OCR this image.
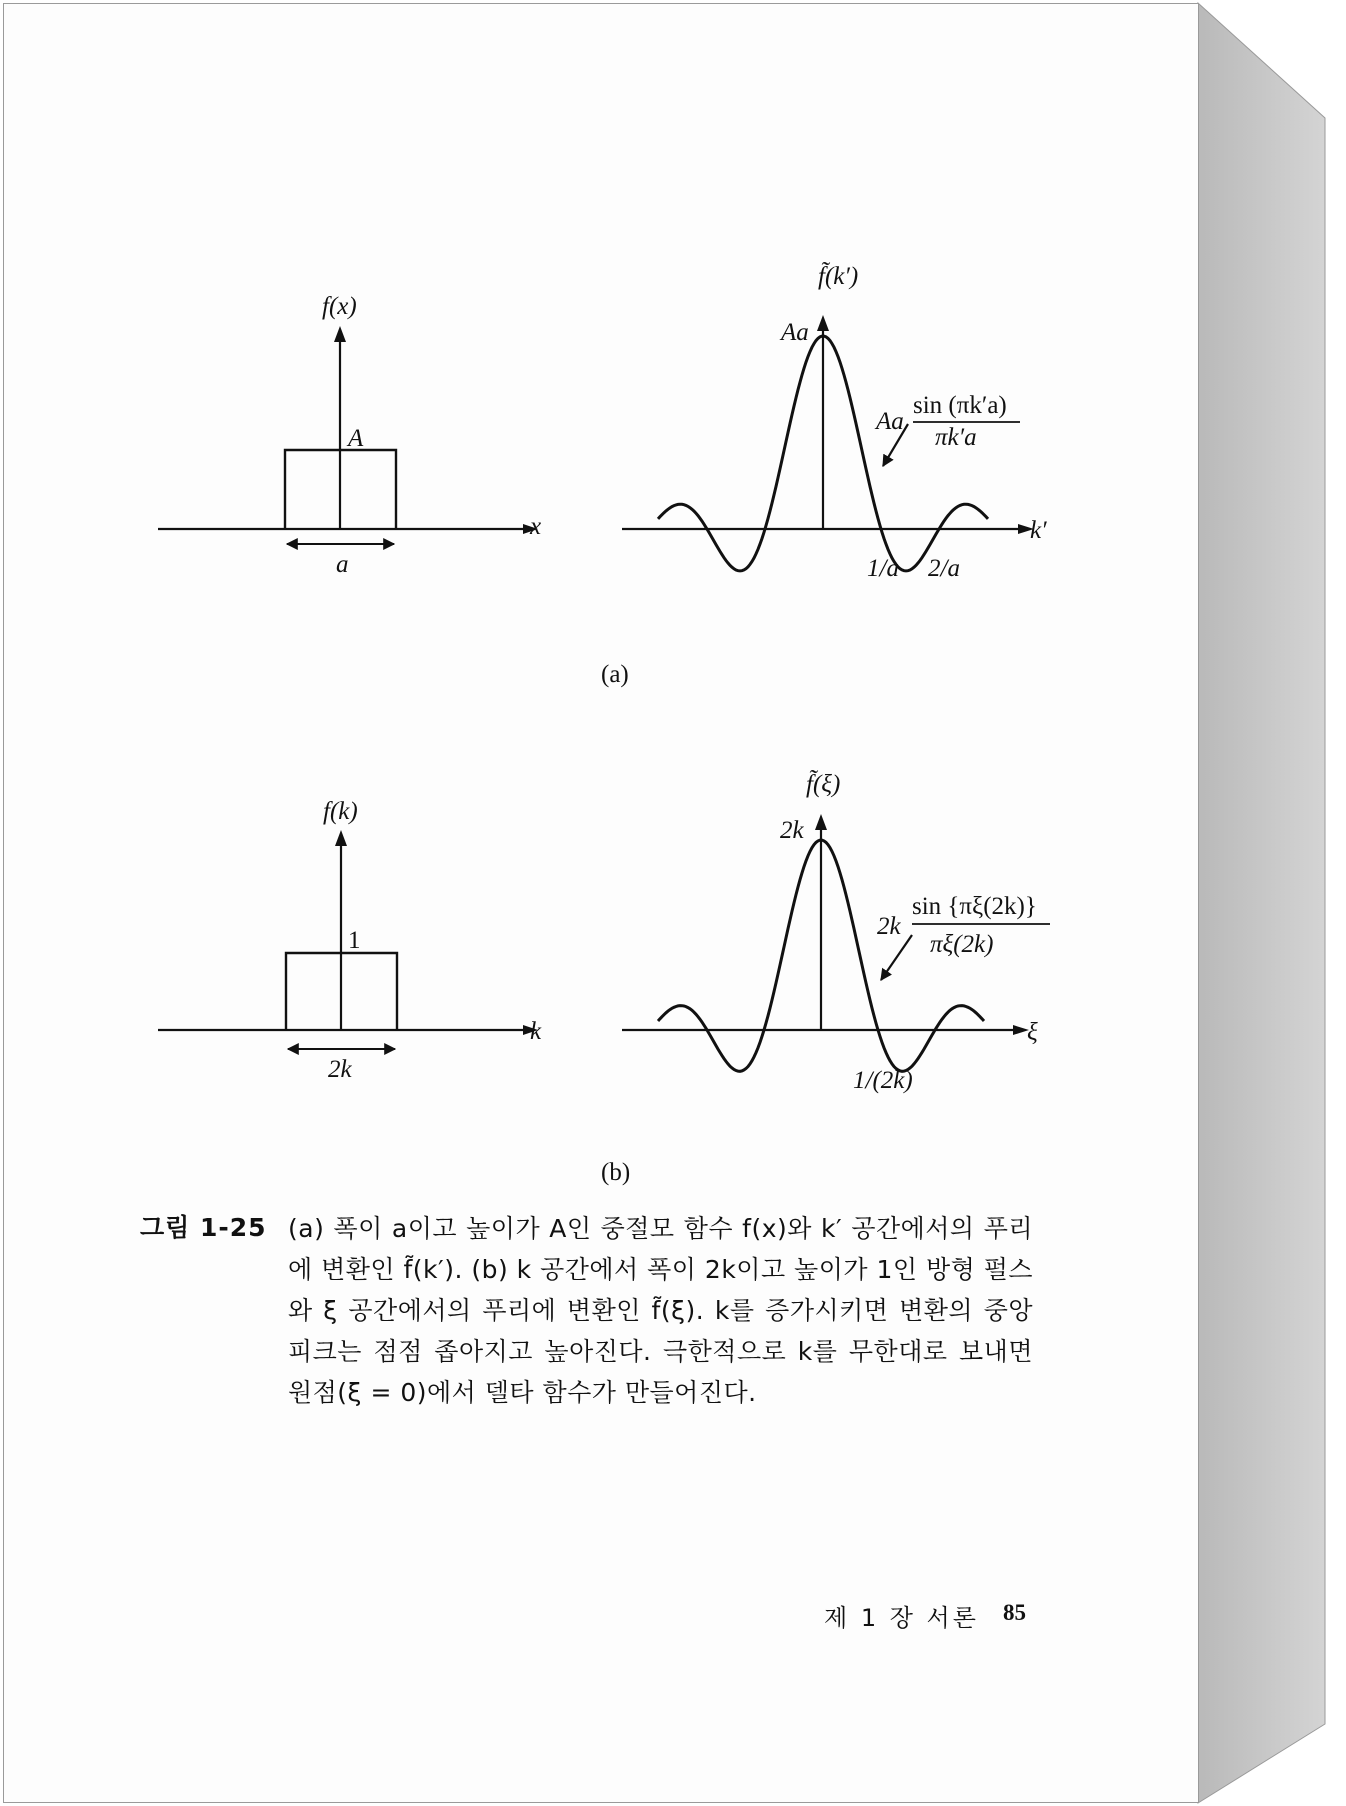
f(x)
A
x
a
f̃(k′)
Aa
Aa
sin (πk′a)
πk′a
k′
1/a 2/a
(a)
f(k)
1
k
2k
f̃(ξ)
2k
2k
sin {πξ(2k)}
πξ(2k)
ξ
1/(2k)
(b)
그림 1-25 (a) 폭이 a이고 높이가 A인 중절모 함수 f(x)와 k′ 공간에서의 푸리에 변환인 f̃(k′). (b) k 공간에서 폭이 2k이고 높이가 1인 방형 펄스와 ξ 공간에서의 푸리에 변환인 f̃(ξ). k를 증가시키면 변환의 중앙 피크는 점점 좁아지고 높아진다. 극한적으로 k를 무한대로 보내면 원점(ξ = 0)에서 델타 함수가 만들어진다.
제 1 장 서론 85
